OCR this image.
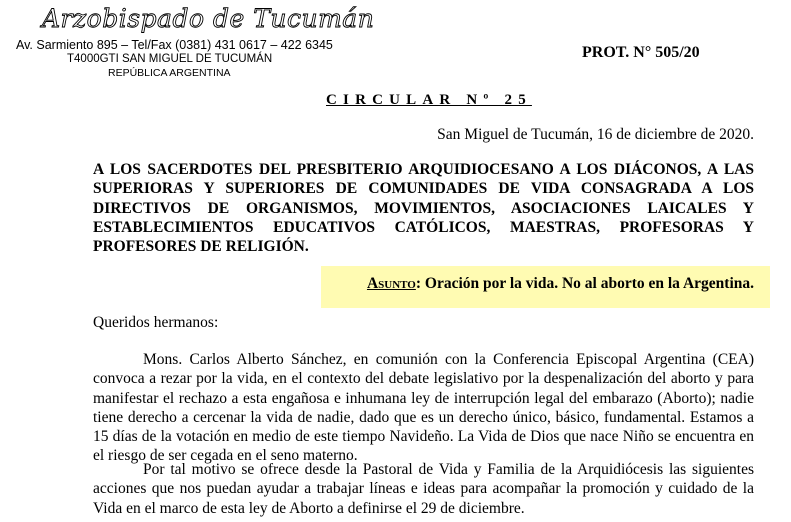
Arzobispado de Tucumán
Av. Sarmiento 895 – Tel/Fax (0381) 431 0617 – 422 6345
T4000GTI SAN MIGUEL DE TUCUMÁN
REPÚBLICA ARGENTINA
PROT. N° 505/20
CIRCULAR Nº 25
San Miguel de Tucumán, 16 de diciembre de 2020.
A LOS SACERDOTES DEL PRESBITERIO ARQUIDIOCESANO A LOS DIÁCONOS, A LAS SUPERIORAS Y SUPERIORES DE COMUNIDADES DE VIDA CONSAGRADA A LOS DIRECTIVOS DE ORGANISMOS, MOVIMIENTOS, ASOCIACIONES LAICALES Y ESTABLECIMIENTOS EDUCATIVOS CATÓLICOS, MAESTRAS, PROFESORAS Y PROFESORES DE RELIGIÓN.
Asunto: Oración por la vida. No al aborto en la Argentina.
Queridos hermanos:
Mons. Carlos Alberto Sánchez, en comunión con la Conferencia Episcopal Argentina (CEA) convoca a rezar por la vida, en el contexto del debate legislativo por la despenalización del aborto y para manifestar el rechazo a esta engañosa e inhumana ley de interrupción legal del embarazo (Aborto); nadie tiene derecho a cercenar la vida de nadie, dado que es un derecho único, básico, fundamental. Estamos a 15 días de la votación en medio de este tiempo Navideño. La Vida de Dios que nace Niño se encuentra en el riesgo de ser cegada en el seno materno.
Por tal motivo se ofrece desde la Pastoral de Vida y Familia de la Arquidiócesis las siguientes acciones que nos puedan ayudar a trabajar líneas e ideas para acompañar la promoción y cuidado de la Vida en el marco de esta ley de Aborto a definirse el 29 de diciembre.
